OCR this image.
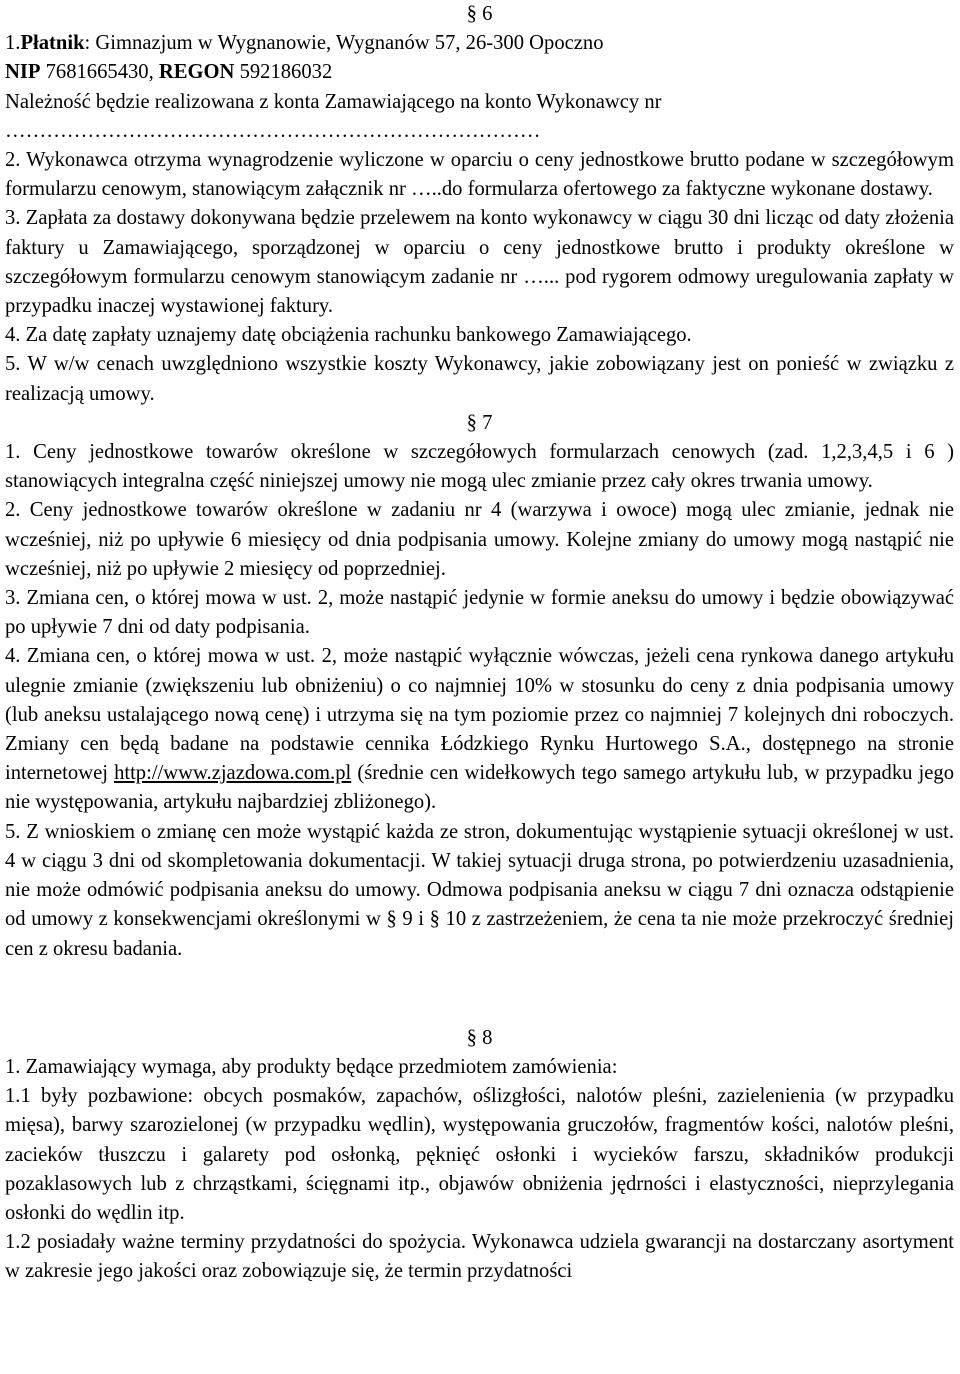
§ 6

1.Płatnik: Gimnazjum w Wygnanowie, Wygnanów 57, 26-300 Opoczno
NIP 7681665430, REGON 592186032
Należność będzie realizowana z konta Zamawiającego na konto Wykonawcy nr
……………………………………………………………………

2. Wykonawca otrzyma wynagrodzenie wyliczone w oparciu o ceny jednostkowe brutto podane w szczegółowym formularzu cenowym, stanowiącym załącznik nr …..do formularza ofertowego za faktyczne wykonane dostawy.

3. Zapłata za dostawy dokonywana będzie przelewem na konto wykonawcy w ciągu 30 dni licząc od daty złożenia faktury u Zamawiającego, sporządzonej w oparciu o ceny jednostkowe brutto i produkty określone w szczegółowym formularzu cenowym stanowiącym zadanie nr …... pod rygorem odmowy uregulowania zapłaty w przypadku inaczej wystawionej faktury.

4. Za datę zapłaty uznajemy datę obciążenia rachunku bankowego Zamawiającego.

5. W w/w cenach uwzględniono wszystkie koszty Wykonawcy, jakie zobowiązany jest on ponieść w związku z realizacją umowy.

§ 7

1. Ceny jednostkowe towarów określone w szczegółowych formularzach cenowych (zad. 1,2,3,4,5 i 6 ) stanowiących integralna część niniejszej umowy nie mogą ulec zmianie przez cały okres trwania umowy.

2. Ceny jednostkowe towarów określone w zadaniu nr 4 (warzywa i owoce) mogą ulec zmianie, jednak nie wcześniej, niż po upływie 6 miesięcy od dnia podpisania umowy. Kolejne zmiany do umowy mogą nastąpić nie wcześniej, niż po upływie 2 miesięcy od poprzedniej.

3. Zmiana cen, o której mowa w ust. 2, może nastąpić jedynie w formie aneksu do umowy i będzie obowiązywać po upływie 7 dni od daty podpisania.

4. Zmiana cen, o której mowa w ust. 2, może nastąpić wyłącznie wówczas, jeżeli cena rynkowa danego artykułu ulegnie zmianie (zwiększeniu lub obniżeniu) o co najmniej 10% w stosunku do ceny z dnia podpisania umowy (lub aneksu ustalającego nową cenę) i utrzyma się na tym poziomie przez co najmniej 7 kolejnych dni roboczych. Zmiany cen będą badane na podstawie cennika Łódzkiego Rynku Hurtowego S.A., dostępnego na stronie internetowej http://www.zjazdowa.com.pl (średnie cen widełkowych tego samego artykułu lub, w przypadku jego nie występowania, artykułu najbardziej zbliżonego).

5. Z wnioskiem o zmianę cen może wystąpić każda ze stron, dokumentując wystąpienie sytuacji określonej w ust. 4 w ciągu 3 dni od skompletowania dokumentacji. W takiej sytuacji druga strona, po potwierdzeniu uzasadnienia, nie może odmówić podpisania aneksu do umowy. Odmowa podpisania aneksu w ciągu 7 dni oznacza odstąpienie od umowy z konsekwencjami określonymi w § 9 i § 10 z zastrzeżeniem, że cena ta nie może przekroczyć średniej cen z okresu badania.

§ 8

1. Zamawiający wymaga, aby produkty będące przedmiotem zamówienia:

1.1 były pozbawione: obcych posmaków, zapachów, oślizgłości, nalotów pleśni, zazielenienia (w przypadku mięsa), barwy szarozielonej (w przypadku wędlin), występowania gruczołów, fragmentów kości, nalotów pleśni, zacieków tłuszczu i galarety pod osłonką, pęknięć osłonki i wycieków farszu, składników produkcji pozaklasowych lub z chrząstkami, ścięgnami itp., objawów obniżenia jędrności i elastyczności, nieprzylegania osłonki do wędlin itp.

1.2 posiadały ważne terminy przydatności do spożycia. Wykonawca udziela gwarancji na dostarczany asortyment w zakresie jego jakości oraz zobowiązuje się, że termin przydatności
